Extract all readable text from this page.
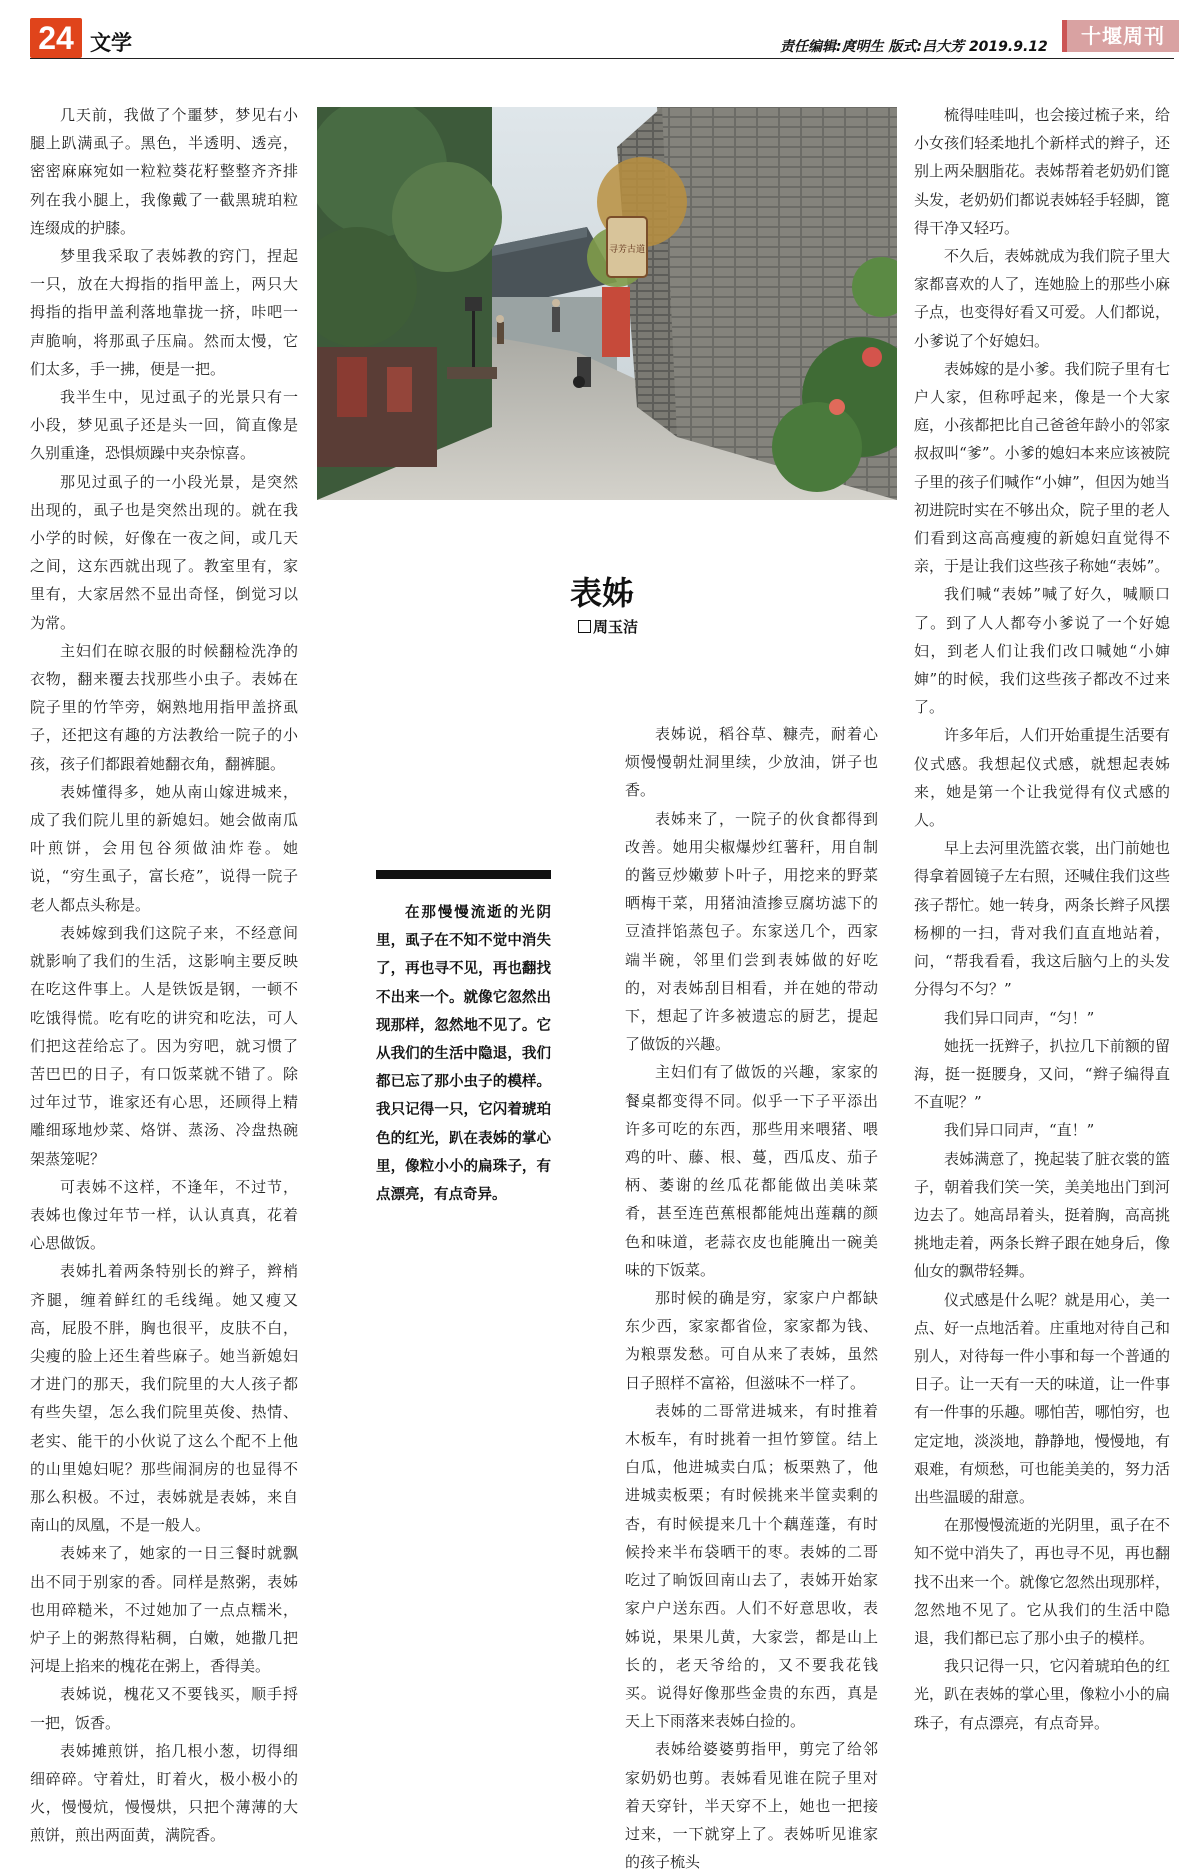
24 文学	责任编辑:庹明生 版式:吕大芳 2019.9.12	十堰周刊

几天前，我做了个噩梦，梦见右小腿上趴满虱子。黑色，半透明、透亮，密密麻麻宛如一粒粒葵花籽整整齐齐排列在我小腿上，我像戴了一截黑琥珀粒连缀成的护膝。

梦里我采取了表姊教的窍门，捏起一只，放在大拇指的指甲盖上，两只大拇指的指甲盖利落地靠拢一挤，咔吧一声脆响，将那虱子压扁。然而太慢，它们太多，手一拂，便是一把。

我半生中，见过虱子的光景只有一小段，梦见虱子还是头一回，简直像是久别重逢，恐惧烦躁中夹杂惊喜。

那见过虱子的一小段光景，是突然出现的，虱子也是突然出现的。就在我小学的时候，好像在一夜之间，或几天之间，这东西就出现了。教室里有，家里有，大家居然不显出奇怪，倒觉习以为常。

主妇们在晾衣服的时候翻检洗净的衣物，翻来覆去找那些小虫子。表姊在院子里的竹竿旁，娴熟地用指甲盖挤虱子，还把这有趣的方法教给一院子的小孩，孩子们都跟着她翻衣角，翻裤腿。

表姊懂得多，她从南山嫁进城来，成了我们院儿里的新媳妇。她会做南瓜叶煎饼，会用包谷须做油炸卷。她说，“穷生虱子，富长疮”，说得一院子老人都点头称是。

表姊嫁到我们这院子来，不经意间就影响了我们的生活，这影响主要反映在吃这件事上。人是铁饭是钢，一顿不吃饿得慌。吃有吃的讲究和吃法，可人们把这茬给忘了。因为穷吧，就习惯了苦巴巴的日子，有口饭菜就不错了。除过年过节，谁家还有心思，还顾得上精雕细琢地炒菜、烙饼、蒸汤、冷盘热碗架蒸笼呢？

可表姊不这样，不逢年，不过节，表姊也像过年节一样，认认真真，花着心思做饭。

表姊扎着两条特别长的辫子，辫梢齐腿，缠着鲜红的毛线绳。她又瘦又高，屁股不胖，胸也很平，皮肤不白，尖瘦的脸上还生着些麻子。她当新媳妇才进门的那天，我们院里的大人孩子都有些失望，怎么我们院里英俊、热情、老实、能干的小伙说了这么个配不上他的山里媳妇呢？那些闹洞房的也显得不那么积极。不过，表姊就是表姊，来自南山的凤凰，不是一般人。

表姊来了，她家的一日三餐时就飘出不同于别家的香。同样是熬粥，表姊也用碎糙米，不过她加了一点点糯米，炉子上的粥熬得粘稠，白嫩，她撒几把河堤上掐来的槐花在粥上，香得美。

表姊说，槐花又不要钱买，顺手捋一把，饭香。

表姊摊煎饼，掐几根小葱，切得细细碎碎。守着灶，盯着火，极小极小的火，慢慢炕，慢慢烘，只把个薄薄的大煎饼，煎出两面黄，满院香。

寻芳古道
表姊
周玉洁
在那慢慢流逝的光阴里，虱子在不知不觉中消失了，再也寻不见，再也翻找不出来一个。就像它忽然出现那样，忽然地不见了。它从我们的生活中隐退，我们都已忘了那小虫子的模样。我只记得一只，它闪着琥珀色的红光，趴在表姊的掌心里，像粒小小的扁珠子，有点漂亮，有点奇异。

表姊说，稻谷草、糠壳，耐着心烦慢慢朝灶洞里续，少放油，饼子也香。

表姊来了，一院子的伙食都得到改善。她用尖椒爆炒红薯秆，用自制的酱豆炒嫩萝卜叶子，用挖来的野菜晒梅干菜，用猪油渣掺豆腐坊滤下的豆渣拌馅蒸包子。东家送几个，西家端半碗，邻里们尝到表姊做的好吃的，对表姊刮目相看，并在她的带动下，想起了许多被遗忘的厨艺，提起了做饭的兴趣。

主妇们有了做饭的兴趣，家家的餐桌都变得不同。似乎一下子平添出许多可吃的东西，那些用来喂猪、喂鸡的叶、藤、根、蔓，西瓜皮、茄子柄、萎谢的丝瓜花都能做出美味菜肴，甚至连芭蕉根都能炖出莲藕的颜色和味道，老蒜衣皮也能腌出一碗美味的下饭菜。

那时候的确是穷，家家户户都缺东少西，家家都省俭，家家都为钱、为粮票发愁。可自从来了表姊，虽然日子照样不富裕，但滋味不一样了。

表姊的二哥常进城来，有时推着木板车，有时挑着一担竹箩筐。结上白瓜，他进城卖白瓜；板栗熟了，他进城卖板栗；有时候挑来半筐卖剩的杏，有时候提来几十个藕莲蓬，有时候拎来半布袋晒干的枣。表姊的二哥吃过了晌饭回南山去了，表姊开始家家户户送东西。人们不好意思收，表姊说，果果儿黄，大家尝，都是山上长的，老天爷给的，又不要我花钱买。说得好像那些金贵的东西，真是天上下雨落来表姊白捡的。

表姊给婆婆剪指甲，剪完了给邻家奶奶也剪。表姊看见谁在院子里对着天穿针，半天穿不上，她也一把接过来，一下就穿上了。表姊听见谁家的孩子梳头

梳得哇哇叫，也会接过梳子来，给小女孩们轻柔地扎个新样式的辫子，还别上两朵胭脂花。表姊帮着老奶奶们篦头发，老奶奶们都说表姊轻手轻脚，篦得干净又轻巧。

不久后，表姊就成为我们院子里大家都喜欢的人了，连她脸上的那些小麻子点，也变得好看又可爱。人们都说，小爹说了个好媳妇。

表姊嫁的是小爹。我们院子里有七户人家，但称呼起来，像是一个大家庭，小孩都把比自己爸爸年龄小的邻家叔叔叫“爹”。小爹的媳妇本来应该被院子里的孩子们喊作“小婶”，但因为她当初进院时实在不够出众，院子里的老人们看到这高高瘦瘦的新媳妇直觉得不亲，于是让我们这些孩子称她“表姊”。

我们喊“表姊”喊了好久，喊顺口了。到了人人都夸小爹说了一个好媳妇，到老人们让我们改口喊她“小婶婶”的时候，我们这些孩子都改不过来了。

许多年后，人们开始重提生活要有仪式感。我想起仪式感，就想起表姊来，她是第一个让我觉得有仪式感的人。

早上去河里洗篮衣裳，出门前她也得拿着圆镜子左右照，还喊住我们这些孩子帮忙。她一转身，两条长辫子风摆杨柳的一扫，背对我们直直地站着，问，“帮我看看，我这后脑勺上的头发分得匀不匀？”

我们异口同声，“匀！”

她抚一抚辫子，扒拉几下前额的留海，挺一挺腰身，又问，“辫子编得直不直呢？”

我们异口同声，“直！”

表姊满意了，挽起装了脏衣裳的篮子，朝着我们笑一笑，美美地出门到河边去了。她高昂着头，挺着胸，高高挑挑地走着，两条长辫子跟在她身后，像仙女的飘带轻舞。

仪式感是什么呢？就是用心，美一点、好一点地活着。庄重地对待自己和别人，对待每一件小事和每一个普通的日子。让一天有一天的味道，让一件事有一件事的乐趣。哪怕苦，哪怕穷，也定定地，淡淡地，静静地，慢慢地，有艰难，有烦愁，可也能美美的，努力活出些温暖的甜意。

在那慢慢流逝的光阴里，虱子在不知不觉中消失了，再也寻不见，再也翻找不出来一个。就像它忽然出现那样，忽然地不见了。它从我们的生活中隐退，我们都已忘了那小虫子的模样。

我只记得一只，它闪着琥珀色的红光，趴在表姊的掌心里，像粒小小的扁珠子，有点漂亮，有点奇异。
